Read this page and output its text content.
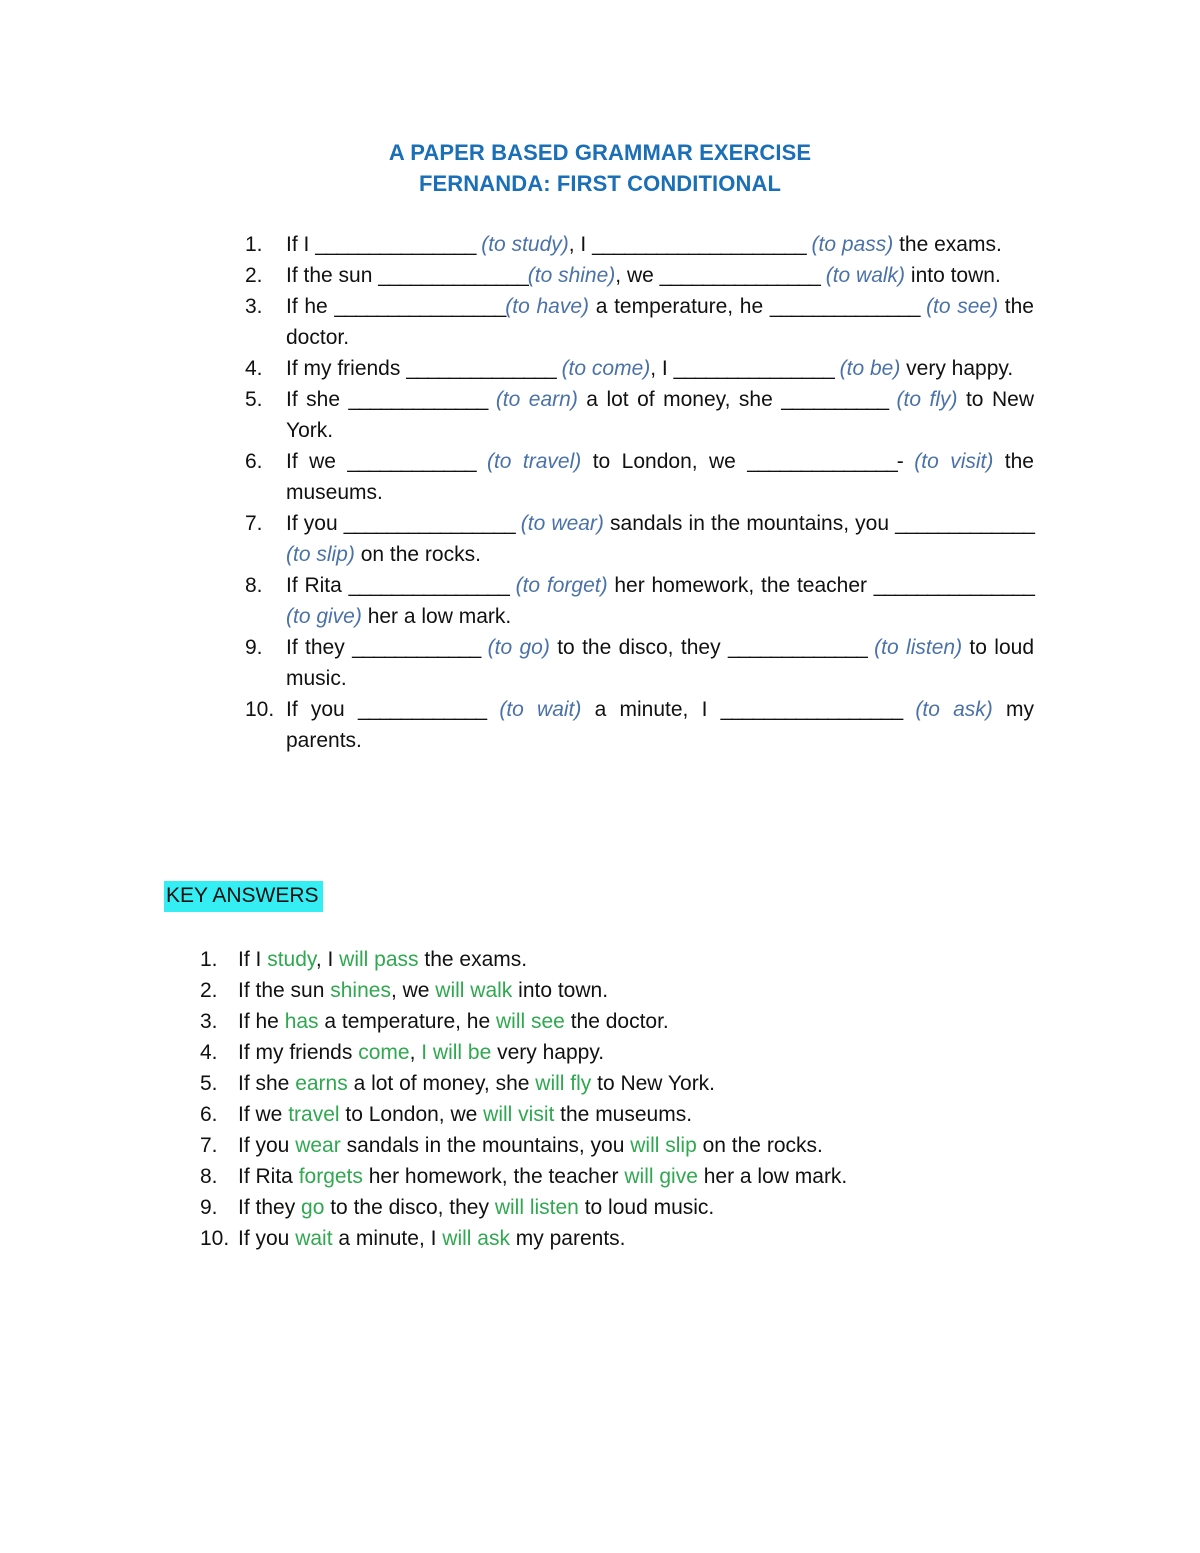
A PAPER BASED GRAMMAR EXERCISE
FERNANDA: FIRST CONDITIONAL
1. If I _______________ (to study), I ____________________ (to pass) the exams.
2. If the sun ______________(to shine), we _______________ (to walk) into town.
3. If he ________________(to have) a temperature, he ______________ (to see) the doctor.
4. If my friends ______________ (to come), I _______________ (to be) very happy.
5. If she _____________ (to earn) a lot of money, she __________ (to fly) to New York.
6. If we ____________ (to travel) to London, we ______________- (to visit) the museums.
7. If you ________________ (to wear) sandals in the mountains, you _____________ (to slip) on the rocks.
8. If Rita _______________ (to forget) her homework, the teacher _______________ (to give) her a low mark.
9. If they ____________ (to go) to the disco, they _____________ (to listen) to loud music.
10. If you ____________ (to wait) a minute, I _________________ (to ask) my parents.
KEY ANSWERS
1. If I study, I will pass the exams.
2. If the sun shines, we will walk into town.
3. If he has a temperature, he will see the doctor.
4. If my friends come, I will be very happy.
5. If she earns a lot of money, she will fly to New York.
6. If we travel to London, we will visit the museums.
7. If you wear sandals in the mountains, you will slip on the rocks.
8. If Rita forgets her homework, the teacher will give her a low mark.
9. If they go to the disco, they will listen to loud music.
10. If you wait a minute, I will ask my parents.
